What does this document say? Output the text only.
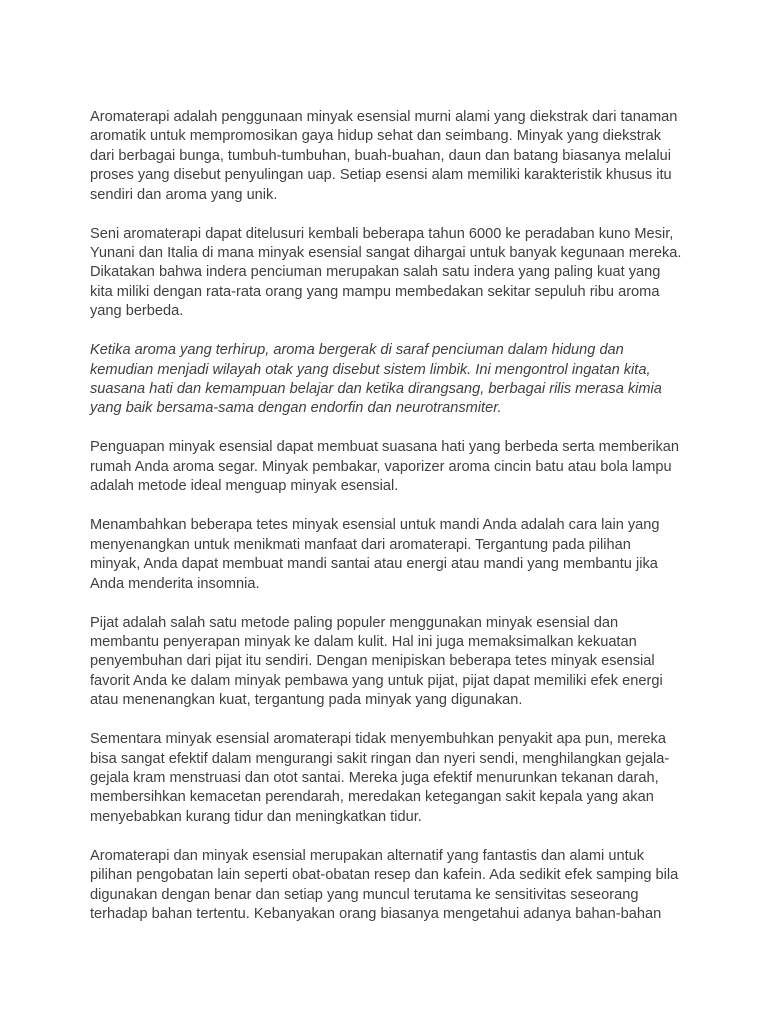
Aromaterapi adalah penggunaan minyak esensial murni alami yang diekstrak dari tanaman
aromatik untuk mempromosikan gaya hidup sehat dan seimbang. Minyak yang diekstrak
dari berbagai bunga, tumbuh-tumbuhan, buah-buahan, daun dan batang biasanya melalui
proses yang disebut penyulingan uap. Setiap esensi alam memiliki karakteristik khusus itu
sendiri dan aroma yang unik.

Seni aromaterapi dapat ditelusuri kembali beberapa tahun 6000 ke peradaban kuno Mesir,
Yunani dan Italia di mana minyak esensial sangat dihargai untuk banyak kegunaan mereka.
Dikatakan bahwa indera penciuman merupakan salah satu indera yang paling kuat yang
kita miliki dengan rata-rata orang yang mampu membedakan sekitar sepuluh ribu aroma
yang berbeda.

Ketika aroma yang terhirup, aroma bergerak di saraf penciuman dalam hidung dan
kemudian menjadi wilayah otak yang disebut sistem limbik. Ini mengontrol ingatan kita,
suasana hati dan kemampuan belajar dan ketika dirangsang, berbagai rilis merasa kimia
yang baik bersama-sama dengan endorfin dan neurotransmiter.

Penguapan minyak esensial dapat membuat suasana hati yang berbeda serta memberikan
rumah Anda aroma segar. Minyak pembakar, vaporizer aroma cincin batu atau bola lampu
adalah metode ideal menguap minyak esensial.

Menambahkan beberapa tetes minyak esensial untuk mandi Anda adalah cara lain yang
menyenangkan untuk menikmati manfaat dari aromaterapi. Tergantung pada pilihan
minyak, Anda dapat membuat mandi santai atau energi atau mandi yang membantu jika
Anda menderita insomnia.

Pijat adalah salah satu metode paling populer menggunakan minyak esensial dan
membantu penyerapan minyak ke dalam kulit. Hal ini juga memaksimalkan kekuatan
penyembuhan dari pijat itu sendiri. Dengan menipiskan beberapa tetes minyak esensial
favorit Anda ke dalam minyak pembawa yang untuk pijat, pijat dapat memiliki efek energi
atau menenangkan kuat, tergantung pada minyak yang digunakan.

Sementara minyak esensial aromaterapi tidak menyembuhkan penyakit apa pun, mereka
bisa sangat efektif dalam mengurangi sakit ringan dan nyeri sendi, menghilangkan gejala-
gejala kram menstruasi dan otot santai. Mereka juga efektif menurunkan tekanan darah,
membersihkan kemacetan perendarah, meredakan ketegangan sakit kepala yang akan
menyebabkan kurang tidur dan meningkatkan tidur.

Aromaterapi dan minyak esensial merupakan alternatif yang fantastis dan alami untuk
pilihan pengobatan lain seperti obat-obatan resep dan kafein. Ada sedikit efek samping bila
digunakan dengan benar dan setiap yang muncul terutama ke sensitivitas seseorang
terhadap bahan tertentu. Kebanyakan orang biasanya mengetahui adanya bahan-bahan
